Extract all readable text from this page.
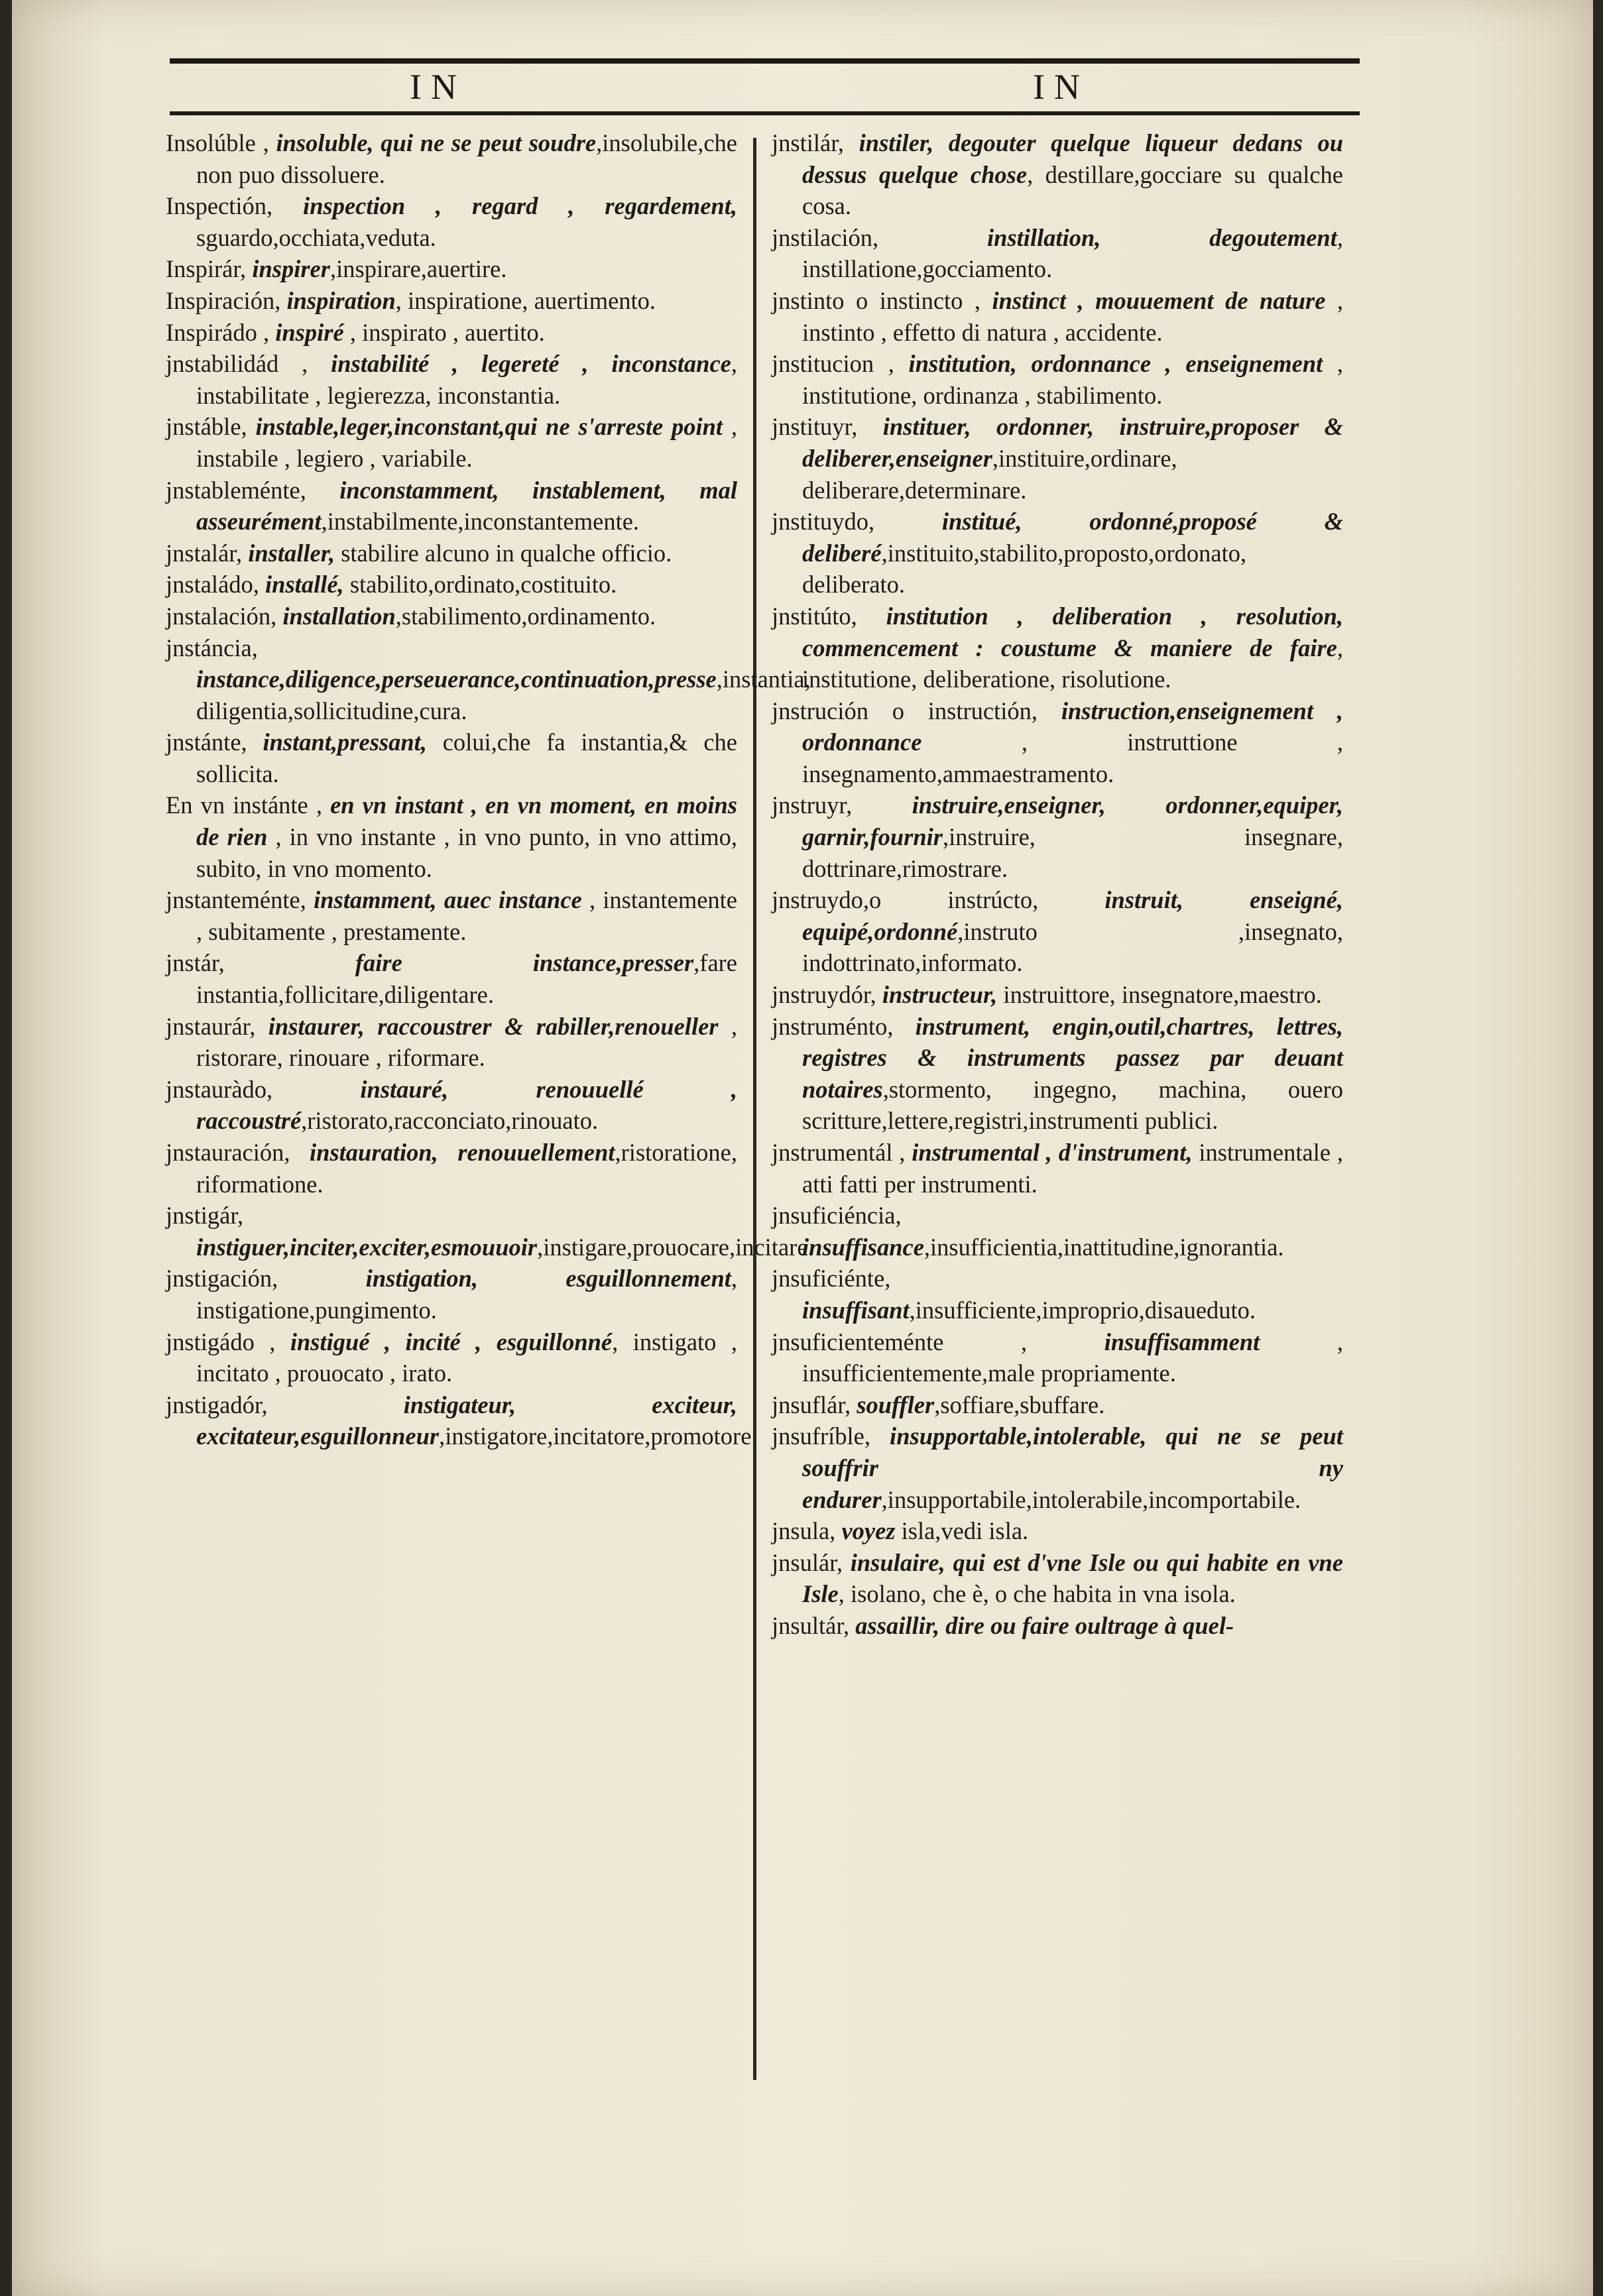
IN	IN
Insolúble , insoluble, qui ne se peut soudre,insolubile,che non puo dissoluere.
Inspectión, inspection , regard , regardement, sguardo,occhiata,veduta.
Inspirár, inspirer,inspirare,auertire.
Inspiración, inspiration, inspiratione, auertimento.
Inspirádo , inspiré , inspirato , auertito.
jnstabilidád , instabilité , legereté , inconstance, instabilitate , legierezza, inconstantia.
jnstáble, instable,leger,inconstant,qui ne s'arreste point , instabile , legiero , variabile.
jnstableménte, inconstamment, instablement, mal asseurément,instabilmente,inconstantemente.
jnstalár, installer, stabilire alcuno in qualche officio.
jnstaládo, installé, stabilito,ordinato,costituito.
jnstalación, installation,stabilimento,ordinamento.
jnstáncia, instance,diligence,perseuerance,continuation,presse,instantia, diligentia,sollicitudine,cura.
jnstánte, instant,pressant, colui,che fa instantia,& che sollicita.
En vn instánte , en vn instant , en vn moment, en moins de rien , in vno instante , in vno punto, in vno attimo, subito, in vno momento.
jnstanteménte, instamment, auec instance , instantemente , subitamente , prestamente.
jnstár,	faire instance,presser,fare instantia,follicitare,diligentare.
jnstaurár, instaurer, raccoustrer & rabiller,renoueller , ristorare, rinouare , riformare.
jnstauràdo,	instauré, renouuellé , raccoustré,ristorato,racconciato,rinouato.
jnstauración, instauration, renouuellement,ristoratione, riformatione.
jnstigár, instiguer,inciter,exciter,esmouuoir,instigare,prouocare,incitare.
jnstigación,	instigation, esguillonnement, instigatione,pungimento.
jnstigádo , instigué , incité , esguillonné, instigato , incitato , prouocato , irato.
jnstigadór,	instigateur, exciteur, excitateur,esguillonneur,instigatore,incitatore,promotore.
jnstilár, instiler, degouter quelque liqueur dedans ou dessus quelque chose, destillare,gocciare su qualche cosa.
jnstilación,	instillation, degoutement, instillatione,gocciamento.
jnstinto o instincto , instinct , mouuement de nature , instinto , effetto di natura , accidente.
jnstitucion , institution, ordonnance , enseignement , institutione, ordinanza , stabilimento.
jnstituyr, instituer, ordonner, instruire,proposer & deliberer,enseigner,instituire,ordinare, deliberare,determinare.
jnstituydo,	institué, ordonné,proposé & deliberé,instituito,stabilito,proposto,ordonato, deliberato.
jnstitúto, institution , deliberation , resolution, commencement : coustume & maniere de faire, institutione, deliberatione, risolutione.
jnstrución o instructión, instruction,enseignement , ordonnance , instruttione , insegnamento,ammaestramento.
jnstruyr, instruire,enseigner, ordonner,equiper, garnir,fournir,instruire, insegnare, dottrinare,rimostrare.
jnstruydo,o instrúcto,	instruit, enseigné, equipé,ordonné,instruto ,insegnato, indottrinato,informato.
jnstruydór, instructeur, instruittore, insegnatore,maestro.
jnstruménto, instrument, engin,outil,chartres, lettres, registres & instruments passez par deuant notaires,stormento, ingegno, machina, ouero scritture,lettere,registri,instrumenti publici.
jnstrumentál , instrumental , d'instrument, instrumentale , atti fatti per instrumenti.
jnsuficiéncia, insuffisance,insufficientia,inattitudine,ignorantia.
jnsuficiénte, insuffisant,insufficiente,improprio,disaueduto.
jnsuficienteménte ,	insuffisamment , insufficientemente,male propriamente.
jnsuflár, souffler,soffiare,sbuffare.
jnsufríble, insupportable,intolerable, qui ne se peut souffrir ny endurer,insupportabile,intolerabile,incomportabile.
jnsula, voyez isla,vedi isla.
jnsulár, insulaire, qui est d'vne Isle ou qui habite en vne Isle, isolano, che è, o che habita in vna isola.
jnsultár, assaillir, dire ou faire oultrage à quel-
